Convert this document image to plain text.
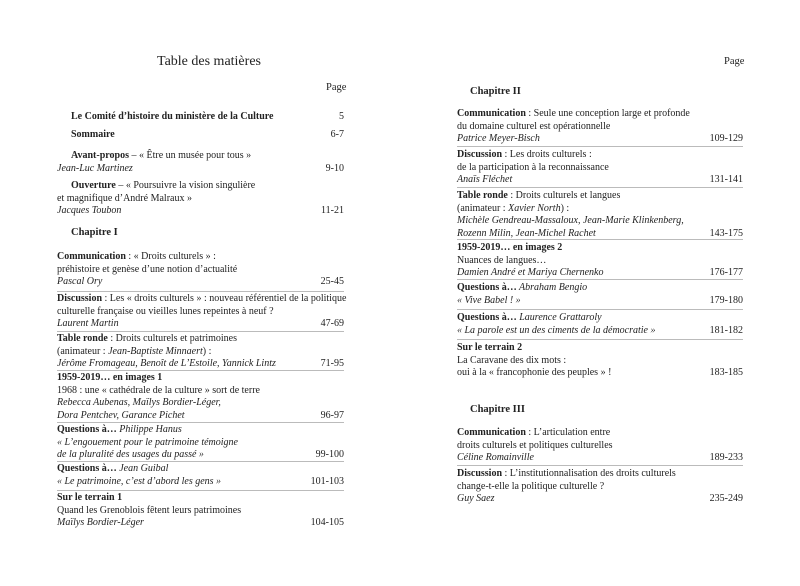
Table des matières
Page
Le Comité d’histoire du ministère de la Culture	5
Sommaire	6-7
Avant-propos – « Être un musée pour tous »
Jean-Luc Martinez	9-10
Ouverture – « Poursuivre la vision singulière
et magnifique d’André Malraux »
Jacques Toubon	11-21
Chapitre I
Communication : « Droits culturels » :
préhistoire et genèse d’une notion d’actualité
Pascal Ory	25-45
Discussion : Les « droits culturels » : nouveau référentiel de la politique
culturelle française ou vieilles lunes repeintes à neuf ?
Laurent Martin	47-69
Table ronde : Droits culturels et patrimoines
(animateur : Jean-Baptiste Minnaert) :
Jérôme Fromageau, Benoît de L’Estoile, Yannick Lintz	71-95
1959-2019… en images 1
1968 : une « cathédrale de la culture » sort de terre
Rebecca Aubenas, Maïlys Bordier-Léger,
Dora Pentchev, Garance Pichet	96-97
Questions à… Philippe Hanus
« L’engouement pour le patrimoine témoigne
de la pluralité des usages du passé »	99-100
Questions à… Jean Guibal
« Le patrimoine, c’est d’abord les gens »	101-103
Sur le terrain 1
Quand les Grenoblois fêtent leurs patrimoines
Maïlys Bordier-Léger	104-105
Page
Chapitre II
Communication : Seule une conception large et profonde
du domaine culturel est opérationnelle
Patrice Meyer-Bisch	109-129
Discussion : Les droits culturels :
de la participation à la reconnaissance
Anaïs Fléchet	131-141
Table ronde : Droits culturels et langues
(animateur : Xavier North) :
Michèle Gendreau-Massaloux, Jean-Marie Klinkenberg,
Rozenn Milin, Jean-Michel Rachet	143-175
1959-2019… en images 2
Nuances de langues…
Damien André et Mariya Chernenko	176-177
Questions à… Abraham Bengio
« Vive Babel ! »	179-180
Questions à… Laurence Grattaroly
« La parole est un des ciments de la démocratie »	181-182
Sur le terrain 2
La Caravane des dix mots :
oui à la « francophonie des peuples » !	183-185
Chapitre III
Communication : L’articulation entre
droits culturels et politiques culturelles
Céline Romainville	189-233
Discussion : L’institutionnalisation des droits culturels
change-t-elle la politique culturelle ?
Guy Saez	235-249
